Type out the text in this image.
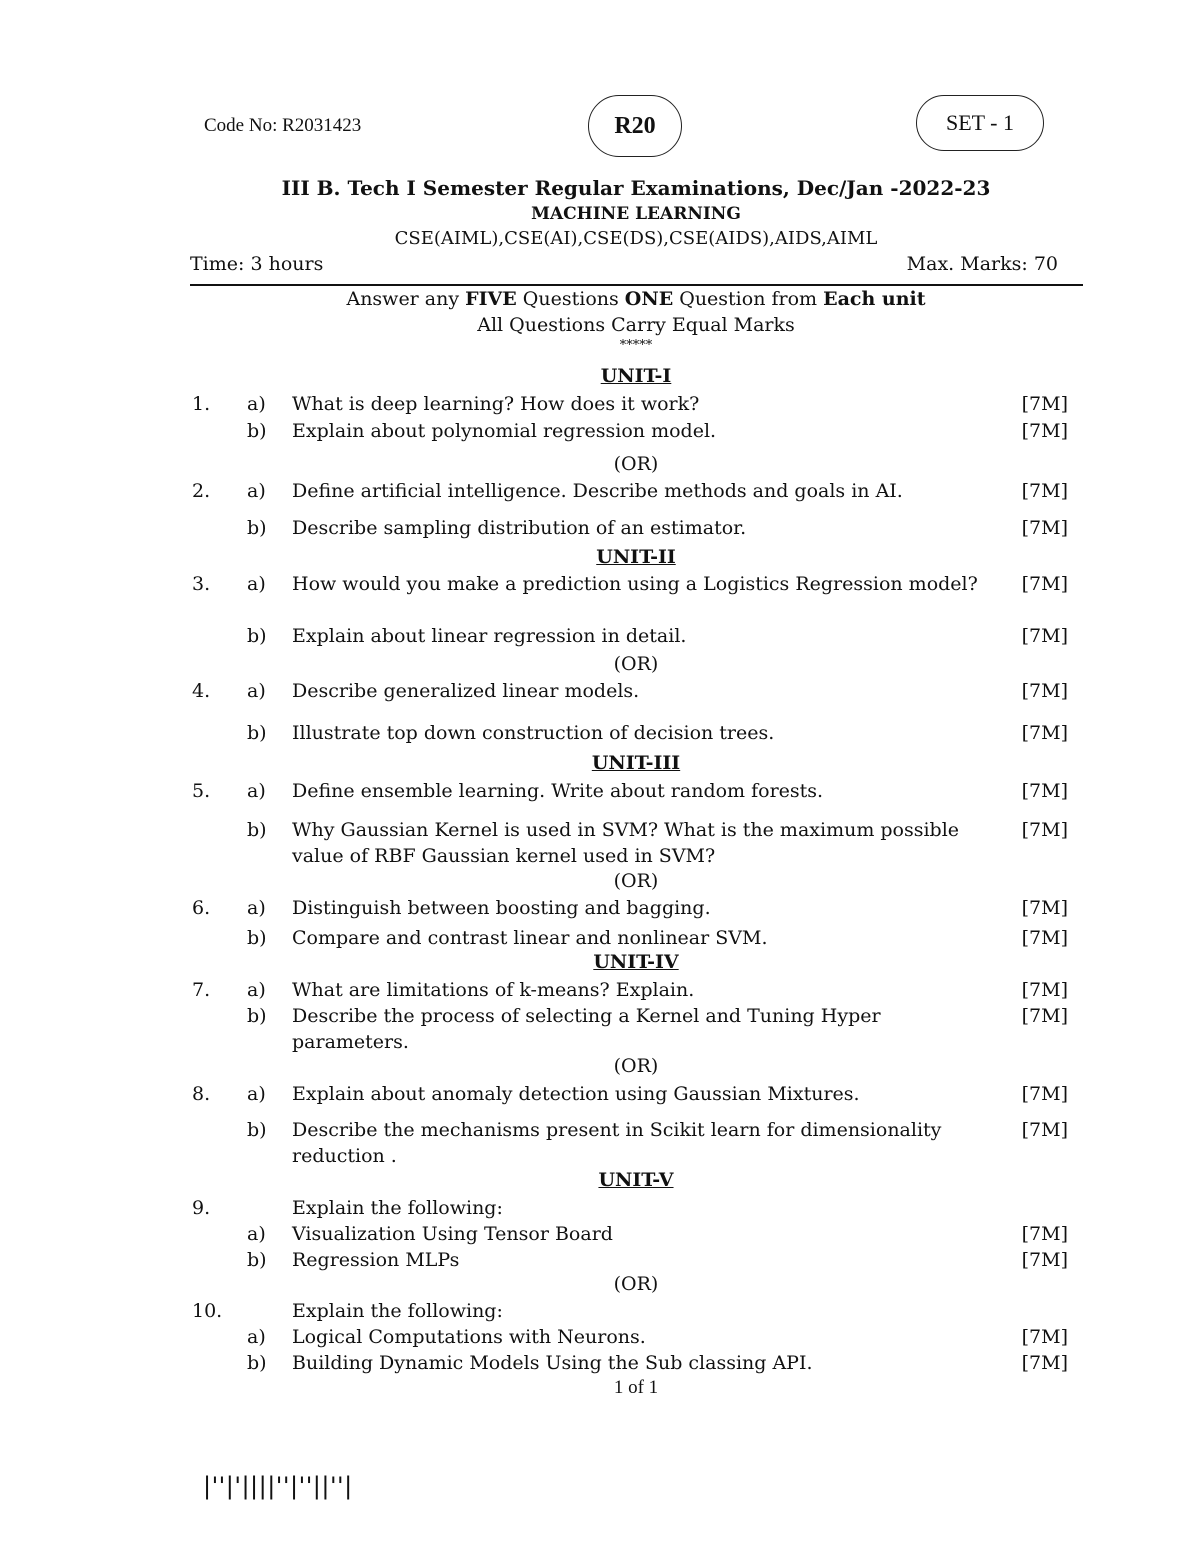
Code No: R2031423	R20	SET - 1
III B. Tech I Semester Regular Examinations, Dec/Jan -2022-23
MACHINE LEARNING
CSE(AIML),CSE(AI),CSE(DS),CSE(AIDS),AIDS,AIML
Time: 3 hours	Max. Marks: 70
Answer any FIVE Questions ONE Question from Each unit
All Questions Carry Equal Marks
*****
UNIT-I
1. a) What is deep learning? How does it work?	[7M]
b) Explain about polynomial regression model.	[7M]
(OR)
2. a) Define artificial intelligence. Describe methods and goals in AI.	[7M]
b) Describe sampling distribution of an estimator.	[7M]
UNIT-II
3. a) How would you make a prediction using a Logistics Regression model? [7M]
b) Explain about linear regression in detail.	[7M]
(OR)
4. a) Describe generalized linear models.	[7M]
b) Illustrate top down construction of decision trees.	[7M]
UNIT-III
5. a) Define ensemble learning. Write about random forests.	[7M]
b) Why Gaussian Kernel is used in SVM? What is the maximum possible value of RBF Gaussian kernel used in SVM?
[7M]
(OR)
6. a) Distinguish between boosting and bagging.	[7M]
b) Compare and contrast linear and nonlinear SVM.	[7M]
UNIT-IV
7. a) What are limitations of k-means? Explain.	[7M]
b) Describe the process of selecting a Kernel and Tuning Hyper parameters.
[7M]
(OR)
8. a) Explain about anomaly detection using Gaussian Mixtures.	[7M]
b) Describe the mechanisms present in Scikit learn for dimensionality reduction .
[7M]
UNIT-V
9.	Explain the following:
a) Visualization Using Tensor Board	[7M]
b) Regression MLPs	[7M]
(OR)
10.	Explain the following:
a) Logical Computations with Neurons.	[7M]
b) Building Dynamic Models Using the Sub classing API.	[7M]
1 of 1
|''|'||||''|''||''|
